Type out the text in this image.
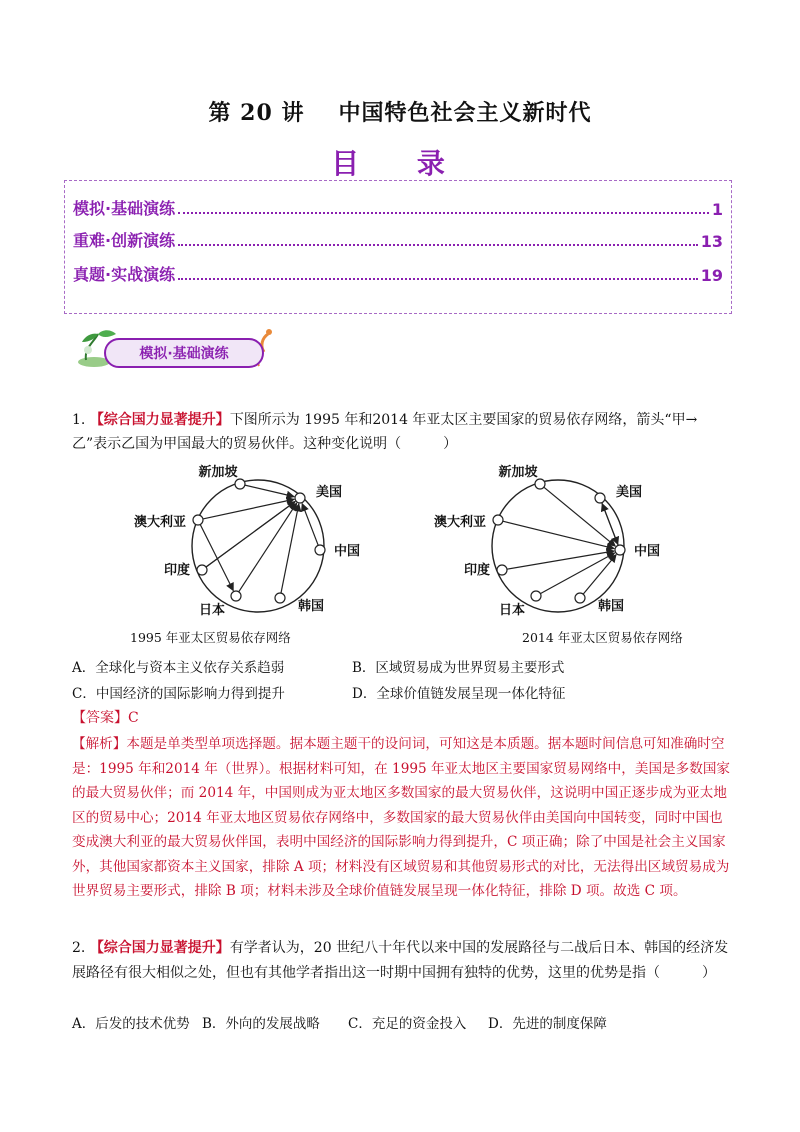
第 20 讲 中国特色社会主义新时代
目 录
模拟·基础演练	1
重难·创新演练	13
真题·实战演练	19
模拟·基础演练
1. 【综合国力显著提升】下图所示为 1995 年和2014 年亚太区主要国家的贸易依存网络，箭头“甲→乙”表示乙国为甲国最大的贸易伙伴。这种变化说明（　　　）
新加坡
美国
澳大利亚
中国
印度
日本	韩国
1995 年亚太区贸易依存网络
新加坡
美国
澳大利亚
中国
印度
日本	韩国
2014 年亚太区贸易依存网络
A．全球化与资本主义依存关系趋弱	B．区域贸易成为世界贸易主要形式
C．中国经济的国际影响力得到提升	D．全球价值链发展呈现一体化特征
【答案】C
【解析】本题是单类型单项选择题。据本题主题干的设问词，可知这是本质题。据本题时间信息可知准确时空是：1995 年和2014 年（世界）。根据材料可知，在 1995 年亚太地区主要国家贸易网络中，美国是多数国家的最大贸易伙伴；而 2014 年，中国则成为亚太地区多数国家的最大贸易伙伴，这说明中国正逐步成为亚太地区的贸易中心；2014 年亚太地区贸易依存网络中，多数国家的最大贸易伙伴由美国向中国转变，同时中国也变成澳大利亚的最大贸易伙伴国，表明中国经济的国际影响力得到提升，C 项正确；除了中国是社会主义国家外，其他国家都资本主义国家，排除 A 项；材料没有区域贸易和其他贸易形式的对比，无法得出区域贸易成为世界贸易主要形式，排除 B 项；材料未涉及全球价值链发展呈现一体化特征，排除 D 项。故选 C 项。
2. 【综合国力显著提升】有学者认为，20 世纪八十年代以来中国的发展路径与二战后日本、韩国的经济发展路径有很大相似之处，但也有其他学者指出这一时期中国拥有独特的优势，这里的优势是指（　　　）
A．后发的技术优势 B．外向的发展战略 C．充足的资金投入 D．先进的制度保障
